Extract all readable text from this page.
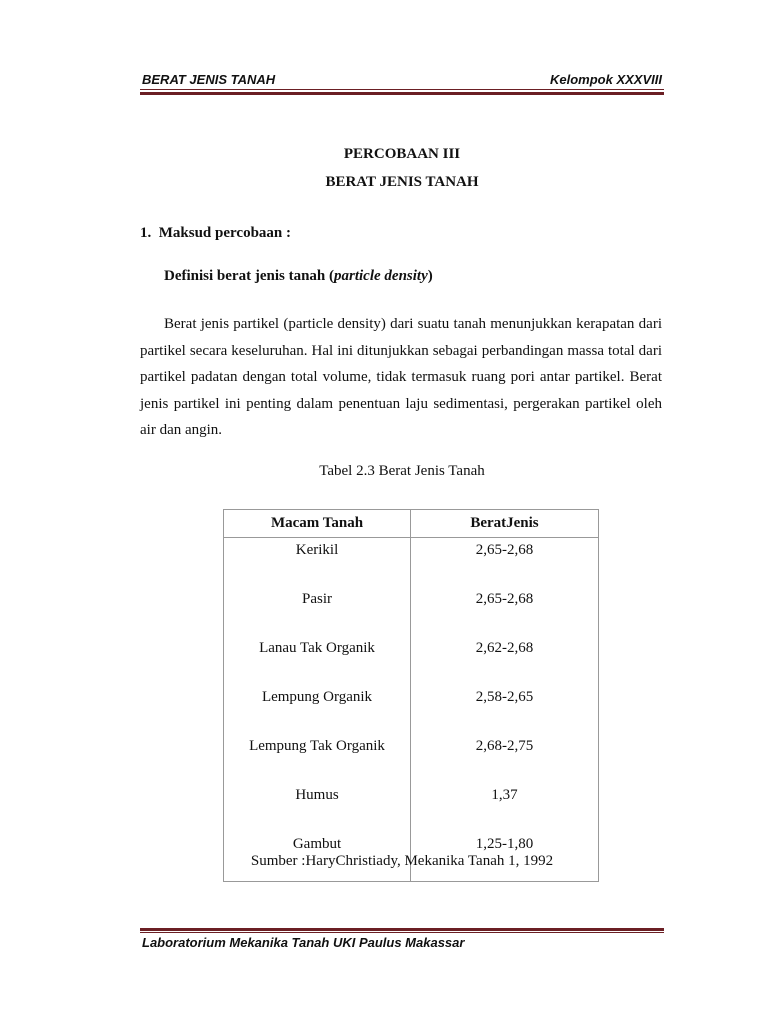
BERAT JENIS TANAH	Kelompok XXXVIII
PERCOBAAN III
BERAT JENIS TANAH
1.  Maksud percobaan :
Definisi berat jenis tanah (particle density)
Berat jenis partikel (particle density) dari suatu tanah menunjukkan kerapatan dari partikel secara keseluruhan. Hal ini ditunjukkan sebagai perbandingan massa total dari partikel padatan dengan total volume, tidak termasuk ruang pori antar partikel. Berat jenis partikel ini penting dalam penentuan laju sedimentasi, pergerakan partikel oleh air dan angin.
Tabel 2.3 Berat Jenis Tanah
Macam Tanah	BeratJenis
Kerikil	2,65-2,68
Pasir	2,65-2,68
Lanau Tak Organik	2,62-2,68
Lempung Organik	2,58-2,65
Lempung Tak Organik	2,68-2,75
Humus	1,37
Gambut	1,25-1,80
Sumber :HaryChristiady, Mekanika Tanah 1, 1992
Laboratorium Mekanika Tanah UKI Paulus Makassar
